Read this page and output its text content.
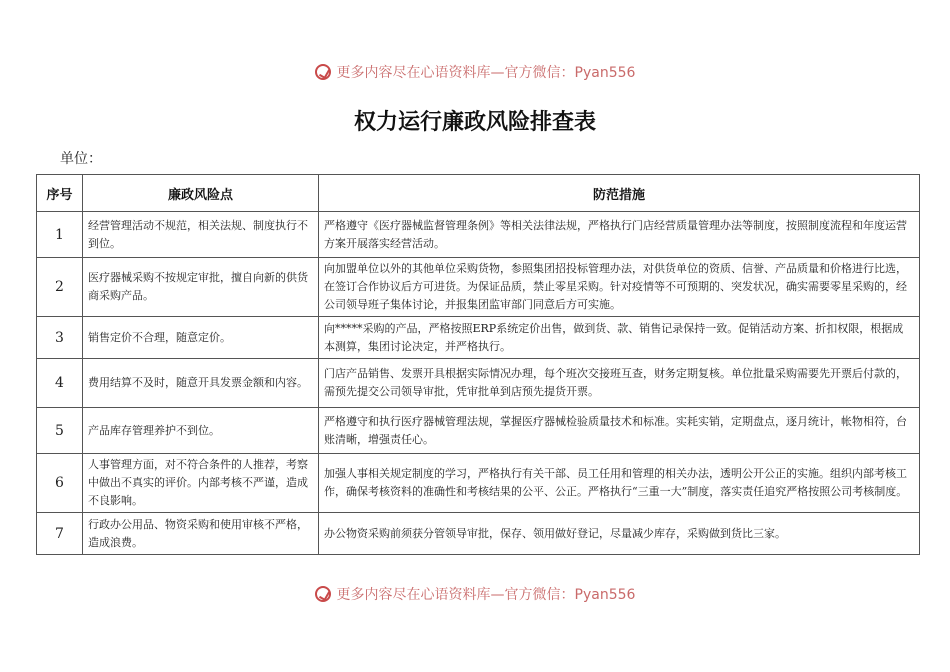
更多内容尽在心语资料库—官方微信：Pyan556
权力运行廉政风险排查表
单位：
序号	廉政风险点	防范措施
1	经营管理活动不规范，相关法规、制度执行不到位。	严格遵守《医疗器械监督管理条例》等相关法律法规，严格执行门店经营质量管理办法等制度，按照制度流程和年度运营方案开展落实经营活动。
2	医疗器械采购不按规定审批，擅自向新的供货商采购产品。	向加盟单位以外的其他单位采购货物，参照集团招投标管理办法，对供货单位的资质、信誉、产品质量和价格进行比选，在签订合作协议后方可进货。为保证品质，禁止零星采购。针对疫情等不可预期的、突发状况，确实需要零星采购的，经公司领导班子集体讨论，并报集团监审部门同意后方可实施。
3	销售定价不合理，随意定价。	向*****采购的产品，严格按照ERP系统定价出售，做到货、款、销售记录保持一致。促销活动方案、折扣权限，根据成本测算，集团讨论决定，并严格执行。
4	费用结算不及时，随意开具发票金额和内容。	门店产品销售、发票开具根据实际情况办理，每个班次交接班互查，财务定期复核。单位批量采购需要先开票后付款的，需预先提交公司领导审批，凭审批单到店预先提货开票。
5	产品库存管理养护不到位。	严格遵守和执行医疗器械管理法规，掌握医疗器械检验质量技术和标准。实耗实销，定期盘点，逐月统计，帐物相符，台账清晰，增强责任心。
6	人事管理方面，对不符合条件的人推荐，考察中做出不真实的评价。内部考核不严谨，造成不良影响。	加强人事相关规定制度的学习，严格执行有关干部、员工任用和管理的相关办法，透明公开公正的实施。组织内部考核工作，确保考核资料的准确性和考核结果的公平、公正。严格执行“三重一大”制度，落实责任追究严格按照公司考核制度。
7	行政办公用品、物资采购和使用审核不严格，造成浪费。	办公物资采购前须获分管领导审批，保存、领用做好登记，尽量减少库存，采购做到货比三家。
更多内容尽在心语资料库—官方微信：Pyan556
